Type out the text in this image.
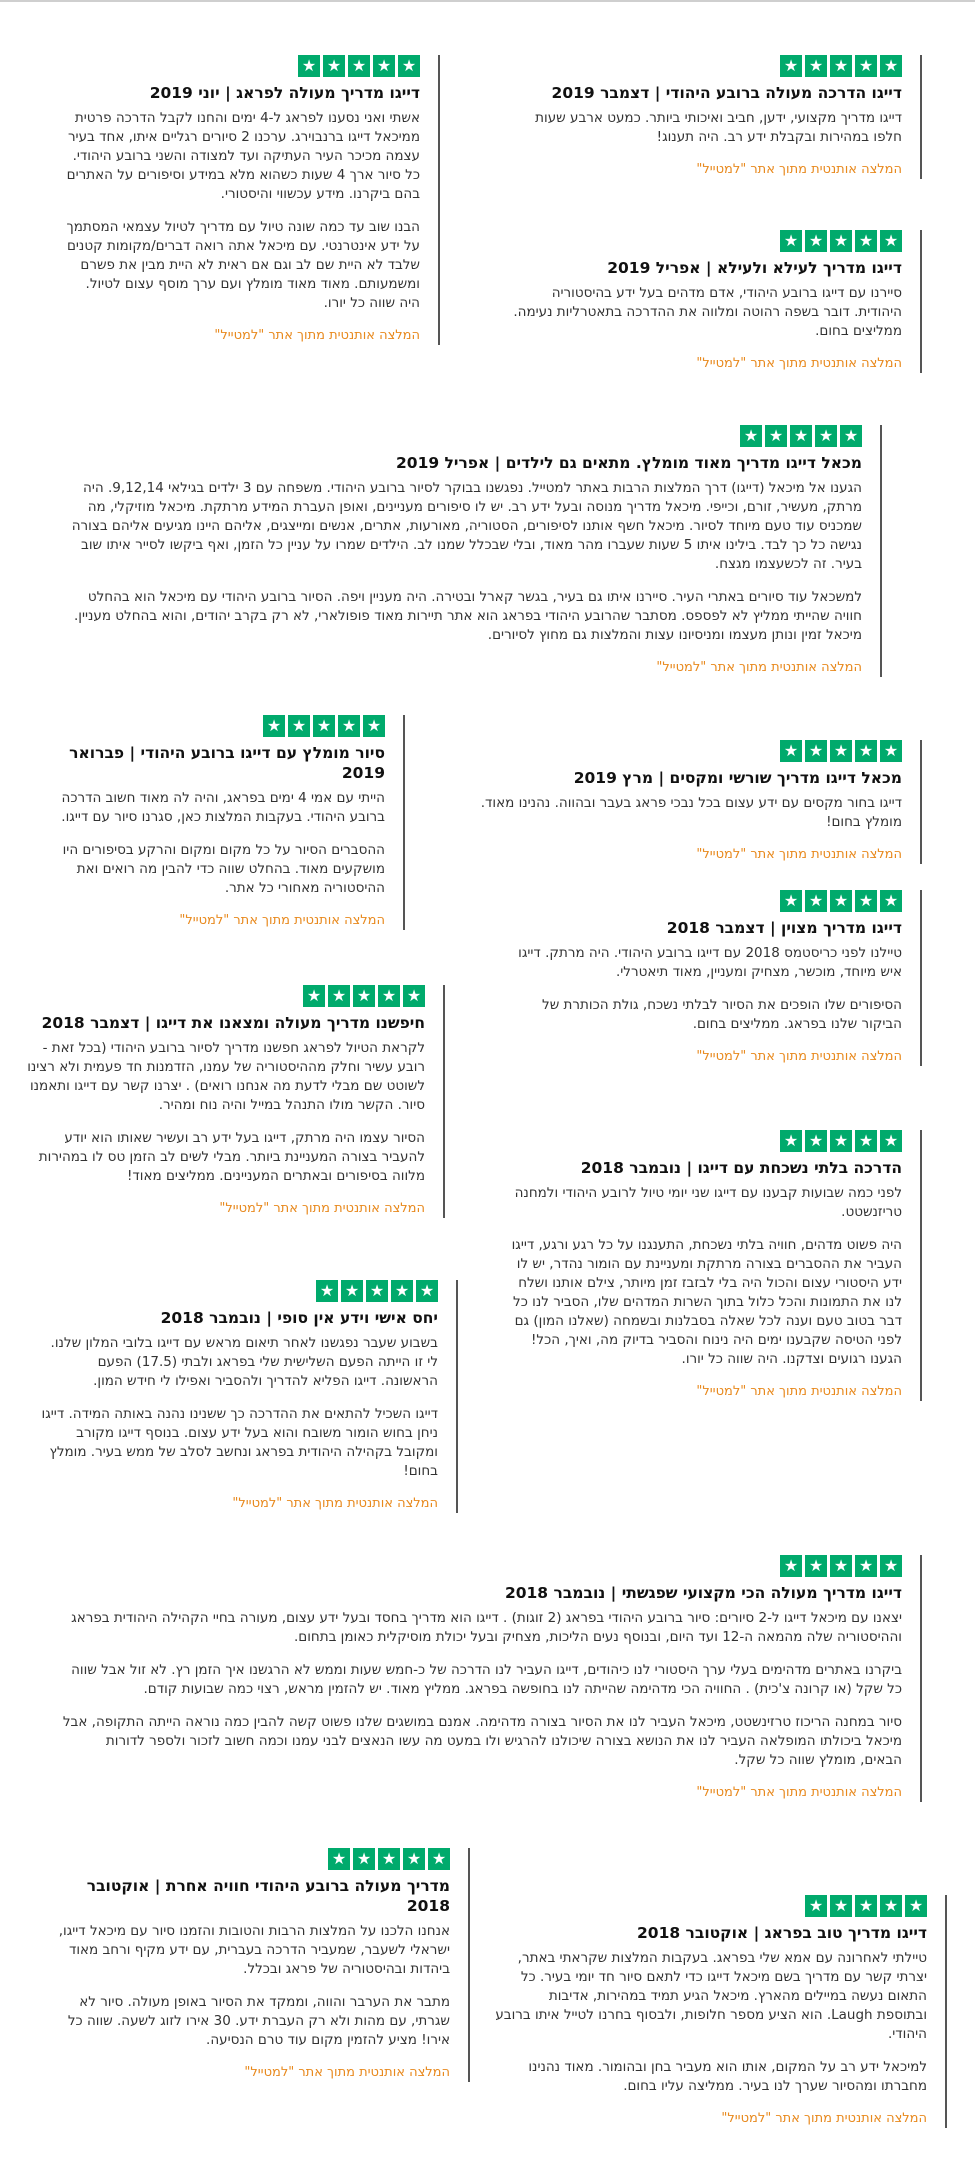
★
★
★
★
★
דייגו הדרכה מעולה ברובע היהודי | דצמבר 2019

דייגו מדריך מקצועי, ידען, חביב ואיכותי ביותר. כמעט ארבע שעות חלפו במהירות ובקבלת ידע רב. היה תענוג!

המלצה אותנטית מתוך אתר "למטייל"
★
★
★
★
★
דייגו מדריך מעולה לפראג | יוני 2019

אשתי ואני נסענו לפראג ל-4 ימים והחנו לקבל הדרכה פרטית ממיכאל דייגו ברנבוירג. ערכנו 2 סיורים רגליים איתו, אחד בעיר עצמה מכיכר העיר העתיקה ועד למצודה והשני ברובע היהודי. כל סיור ארך 4 שעות כשהוא מלא במידע וסיפורים על האתרים בהם ביקרנו. מידע עכשווי והיסטורי.

הבנו שוב עד כמה שונה טיול עם מדריך לטיול עצמאי המסתמך על ידע אינטרנטי. עם מיכאל אתה רואה דברים/מקומות קטנים שלבד לא היית שם לב וגם אם ראית לא היית מבין את פשרם ומשמעותם. מאוד מאוד מומלץ ועם ערך מוסף עצום לטיול. היה שווה כל יורו.

המלצה אותנטית מתוך אתר "למטייל"
★
★
★
★
★
דייגו מדריך לעילא ולעילא | אפריל 2019

סיירנו עם דייגו ברובע היהודי, אדם מדהים בעל ידע בהיסטוריה היהודית. דובר בשפה רהוטה ומלווה את ההדרכה בתאטרליות נעימה. ממליצים בחום.

המלצה אותנטית מתוך אתר "למטייל"
★
★
★
★
★
מכאל דייגו מדריך מאוד מומלץ. מתאים גם לילדים | אפריל 2019

הגענו אל מיכאל (דייגו) דרך המלצות הרבות באתר למטייל. נפגשנו בבוקר לסיור ברובע היהודי. משפחה עם 3 ילדים בגילאי 9,12,14. היה מרתק, מעשיר, זורם, וכייפי. מיכאל מדריך מנוסה ובעל ידע רב. יש לו סיפורים מעניינים, ואופן העברת המידע מרתקת. מיכאל מוזיקלי, מה שמכניס עוד טעם מיוחד לסיור. מיכאל חשף אותנו לסיפורים, הסטוריה, מאורעות, אתרים, אנשים ומייצגים, אליהם היינו מגיעים אליהם בצורה נגישה כל כך לבד. בילינו איתו 5 שעות שעברו מהר מאוד, ובלי שבכלל שמנו לב. הילדים שמרו על עניין כל הזמן, ואף ביקשו לסייר איתו שוב בעיר. זה לכשעצמו מגצח.

למשכאל עוד סיורים באתרי העיר. סיירנו איתו גם בעיר, בגשר קארל ובטירה. היה מעניין ויפה. הסיור ברובע היהודי עם מיכאל הוא בהחלט חוויה שהייתי ממליץ לא לפספס. מסתבר שהרובע היהודי בפראג הוא אתר תיירות מאוד פופולארי, לא רק בקרב יהודים, והוא בהחלט מעניין. מיכאל זמין ונותן מעצמו ומניסיונו עצות והמלצות גם מחוץ לסיורים.

המלצה אותנטית מתוך אתר "למטייל"
★
★
★
★
★
סיור מומלץ עם דייגו ברובע היהודי | פברואר 2019

הייתי עם אמי 4 ימים בפראג, והיה לה מאוד חשוב הדרכה ברובע היהודי. בעקבות המלצות כאן, סגרנו סיור עם דייגו.

ההסברים הסיור על כל מקום ומקום והרקע בסיפורים היו מושקעים מאוד. בהחלט שווה כדי להבין מה רואים ואת ההיסטוריה מאחורי כל אתר.

המלצה אותנטית מתוך אתר "למטייל"
★
★
★
★
★
מכאל דייגו מדריך שורשי ומקסים | מרץ 2019

דייגו בחור מקסים עם ידע עצום בכל נבכי פראג בעבר ובהווה. נהנינו מאוד. מומלץ בחום!

המלצה אותנטית מתוך אתר "למטייל"
★
★
★
★
★
דייגו מדריך מצוין | דצמבר 2018

טיילנו לפני כריסטמס 2018 עם דייגו ברובע היהודי. היה מרתק. דייגו איש מיוחד, מוכשר, מצחיק ומעניין, מאוד תיאטרלי.

הסיפורים שלו הופכים את הסיור לבלתי נשכח, גולת הכותרת של הביקור שלנו בפראג. ממליצים בחום.

המלצה אותנטית מתוך אתר "למטייל"
★
★
★
★
★
חיפשנו מדריך מעולה ומצאנו את דייגו | דצמבר 2018

לקראת הטיול לפראג חפשנו מדריך לסיור ברובע היהודי (בכל זאת - רובע עשיר וחלק מההיסטוריה של עמנו, הזדמנות חד פעמית ולא רצינו לשוטט שם מבלי לדעת מה אנחנו רואים) . יצרנו קשר עם דייגו ותאמנו סיור. הקשר מולו התנהל במייל והיה נוח ומהיר.

הסיור עצמו היה מרתק, דייגו בעל ידע רב ועשיר שאותו הוא יודע להעביר בצורה המעניינת ביותר. מבלי לשים לב הזמן טס לו במהירות מלווה בסיפורים ובאתרים המעניינים. ממליצים מאוד!

המלצה אותנטית מתוך אתר "למטייל"
★
★
★
★
★
הדרכה בלתי נשכחת עם דייגו | נובמבר 2018

לפני כמה שבועות קבענו עם דייגו שני יומי טיול לרובע היהודי ולמחנה טריזנשטט.

היה פשוט מדהים, חוויה בלתי נשכחת, התענגנו על כל רגע ורגע, דייגו העביר את ההסברים בצורה מרתקת ומעניינת עם הומור נהדר, יש לו ידע היסטורי עצום והכול היה בלי לבזבז זמן מיותר, צילם אותנו ושלח לנו את התמונות והכל כלול בתוך השרות המדהים שלו, הסביר לנו כל דבר בטוב טעם וענה לכל שאלה בסבלנות ובשמחה (שאלנו המון) גם לפני הטיסה שקבענו ימים היה נינוח והסביר בדיוק מה, ואיך, הכל! הגענו רגועים וצדקנו. היה שווה כל יורו.

המלצה אותנטית מתוך אתר "למטייל"
★
★
★
★
★
יחס אישי וידע אין סופי | נובמבר 2018

בשבוע שעבר נפגשנו לאחר תיאום מראש עם דייגו בלובי המלון שלנו. לי זו הייתה הפעם השלישית שלי בפראג ולבתי (17.5) הפעם הראשונה. דייגו הפליא להדריך ולהסביר ואפילו לי חידש המון.

דייגו השכיל להתאים את ההדרכה כך ששנינו נהנה באותה המידה. דייגו ניחן בחוש הומור משובח והוא בעל ידע עצום. בנוסף דייגו מקורב ומקובל בקהילה היהודית בפראג ונחשב לסלב של ממש בעיר. מומלץ בחום!

המלצה אותנטית מתוך אתר "למטייל"
★
★
★
★
★
דייגו מדריך מעולה הכי מקצועי שפגשתי | נובמבר 2018

יצאנו עם מיכאל דייגו ל-2 סיורים: סיור ברובע היהודי בפראג (2 זוגות) . דייגו הוא מדריך בחסד ובעל ידע עצום, מעורה בחיי הקהילה היהודית בפראג וההיסטוריה שלה מהמאה ה-12 ועד היום, ובנוסף נעים הליכות, מצחיק ובעל יכולת מוסיקלית כאומן בתחום.

ביקרנו באתרים מדהימים בעלי ערך היסטורי לנו כיהודים, דייגו העביר לנו הדרכה של כ-חמש שעות וממש לא הרגשנו איך הזמן רץ. לא זול אבל שווה כל שקל (או קרונה צ'כית) . החוויה הכי מדהימה שהייתה לנו בחופשה בפראג. ממליץ מאוד. יש להזמין מראש, רצוי כמה שבועות קודם.

סיור במחנה הריכוז טרזינשטט, מיכאל העביר לנו את הסיור בצורה מדהימה. אמנם במושגים שלנו פשוט קשה להבין כמה נוראה הייתה התקופה, אבל מיכאל ביכולתו המופלאה העביר לנו את הנושא בצורה שיכולנו להרגיש ולו במעט מה עשו הנאצים לבני עמנו וכמה חשוב לזכור ולספר לדורות הבאים, מומלץ שווה כל שקל.

המלצה אותנטית מתוך אתר "למטייל"
★
★
★
★
★
מדריך מעולה ברובע היהודי חוויה אחרת | אוקטובר 2018

אנחנו הלכנו על המלצות הרבות והטובות והזמנו סיור עם מיכאל דייגו, ישראלי לשעבר, שמעביר הדרכה בעברית, עם ידע מקיף ורחב מאוד ביהדות ובהיסטוריה של פראג ובכלל.

מתבר את הערבר והווה, וממקד את הסיור באופן מעולה. סיור לא שגרתי, עם מהות ולא רק העברת ידע. 30 אירו לזוג לשעה. שווה כל אירו! מציע להזמין מקום עוד טרם הנסיעה.

המלצה אותנטית מתוך אתר "למטייל"
★
★
★
★
★
דייגו מדריך טוב בפראג | אוקטובר 2018

טיילתי לאחרונה עם אמא שלי בפראג. בעקבות המלצות שקראתי באתר, יצרתי קשר עם מדריך בשם מיכאל דייגו כדי לתאם סיור חד יומי בעיר. כל התאום נעשה במיילים מהארץ. מיכאל הגיע תמיד במהירות, אדיבות ובתוספת Laugh. הוא הציע מספר חלופות, ולבסוף בחרנו לטייל איתו ברובע היהודי.

למיכאל ידע רב על המקום, אותו הוא מעביר בחן ובהומור. מאוד נהנינו מחברתו ומהסיור שערך לנו בעיר. ממליצה עליו בחום.

המלצה אותנטית מתוך אתר "למטייל"
